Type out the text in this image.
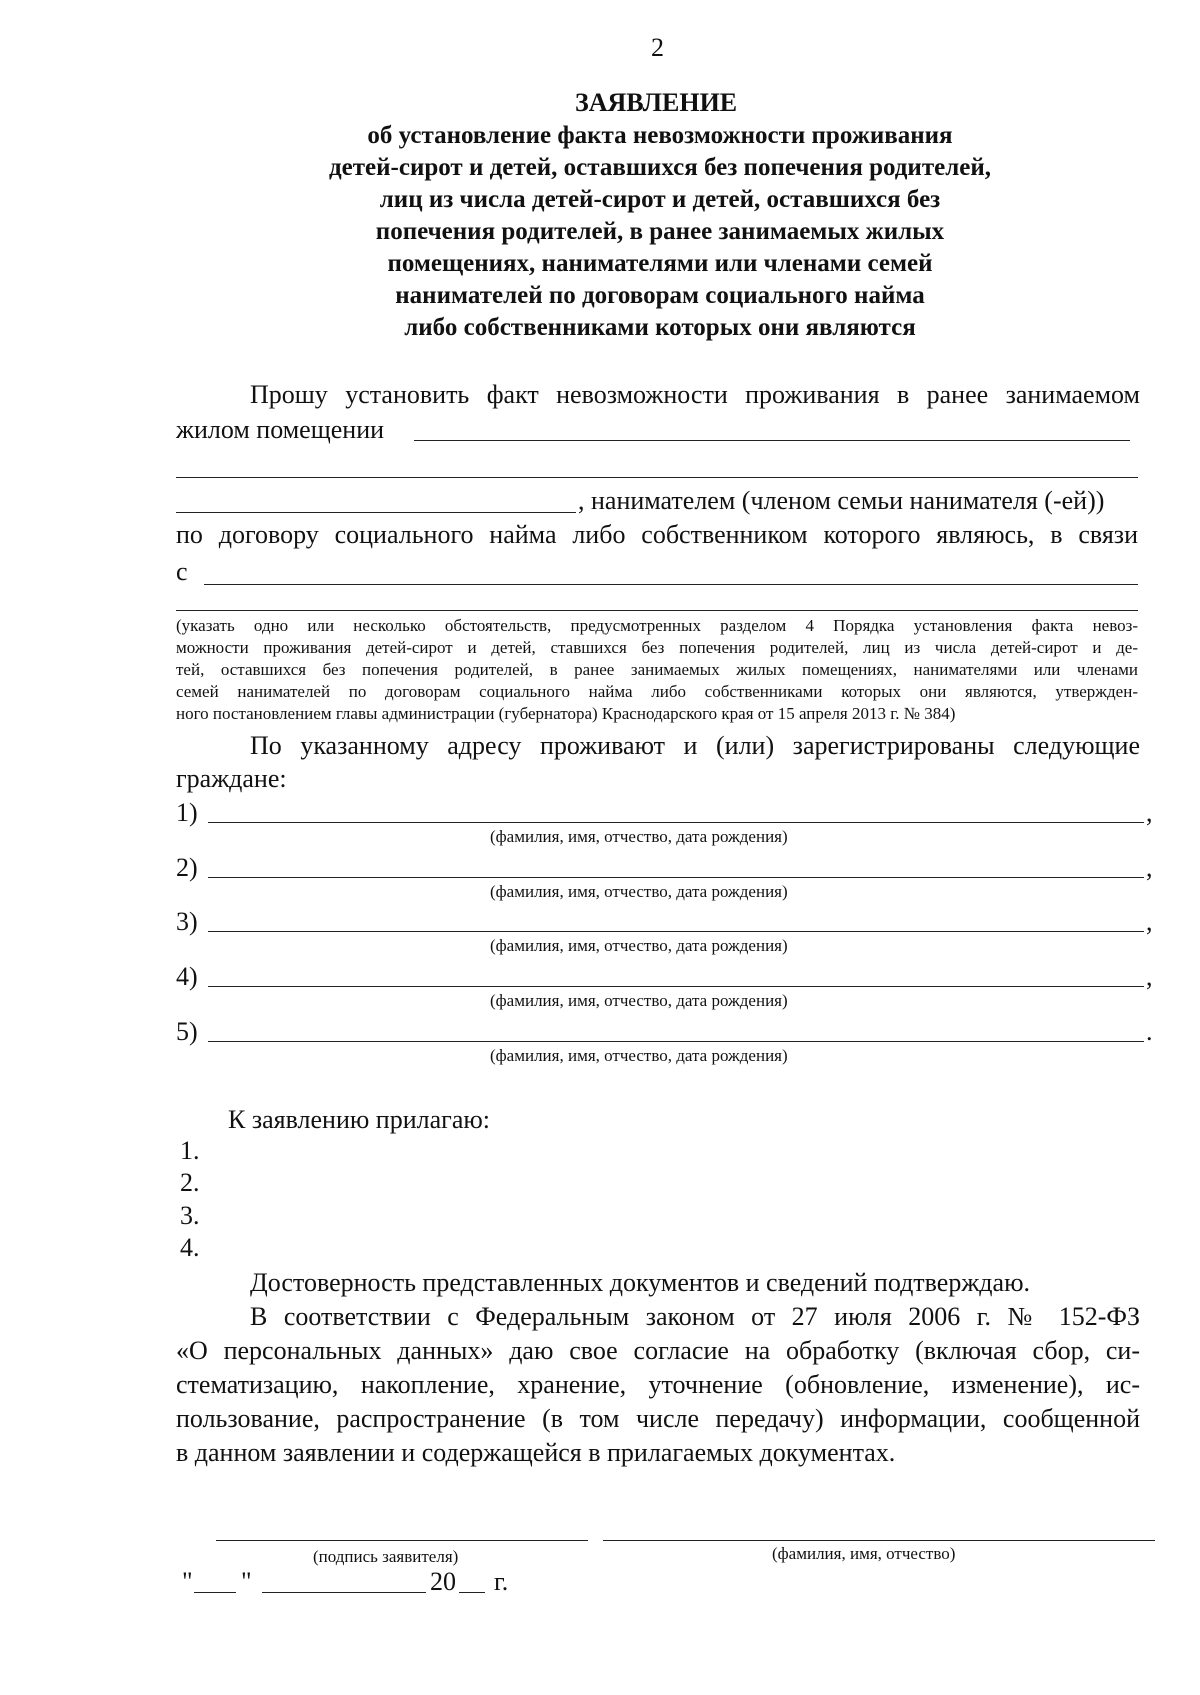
2
ЗАЯВЛЕНИЕ
об установление факта невозможности проживания
детей-сирот и детей, оставшихся без попечения родителей,
лиц из числа детей-сирот и детей, оставшихся без
попечения родителей, в ранее занимаемых жилых
помещениях, нанимателями или членами семей
нанимателей по договорам социального найма
либо собственниками которых они являются
Прошу установить факт невозможности проживания в ранее занимаемом
жилом помещении
, нанимателем (членом семьи нанимателя (-ей))
по договору социального найма либо собственником которого являюсь, в связи
с
(указать одно или несколько обстоятельств, предусмотренных разделом 4 Порядка установления факта невоз-
можности проживания детей-сирот и детей, ставшихся без попечения родителей, лиц из числа детей-сирот и де-
тей, оставшихся без попечения родителей, в ранее занимаемых жилых помещениях, нанимателями или членами
семей нанимателей по договорам социального найма либо собственниками которых они являются, утвержден-
ного постановлением главы администрации (губернатора) Краснодарского края от 15 апреля 2013 г. № 384)
По указанному адресу проживают и (или) зарегистрированы следующие
граждане:
1)	,
(фамилия, имя, отчество, дата рождения)
2)	,
(фамилия, имя, отчество, дата рождения)
3)	,
(фамилия, имя, отчество, дата рождения)
4)	,
(фамилия, имя, отчество, дата рождения)
5)	.
(фамилия, имя, отчество, дата рождения)
К заявлению прилагаю:
1.
2.
3.
4.
Достоверность представленных документов и сведений подтверждаю.
В соответствии с Федеральным законом от 27 июля 2006 г. № 152-ФЗ
«О персональных данных» даю свое согласие на обработку (включая сбор, си-
стематизацию, накопление, хранение, уточнение (обновление, изменение), ис-
пользование, распространение (в том числе передачу) информации, сообщенной
в данном заявлении и содержащейся в прилагаемых документах.
(подпись заявителя)	(фамилия, имя, отчество)
" "	20 г.
